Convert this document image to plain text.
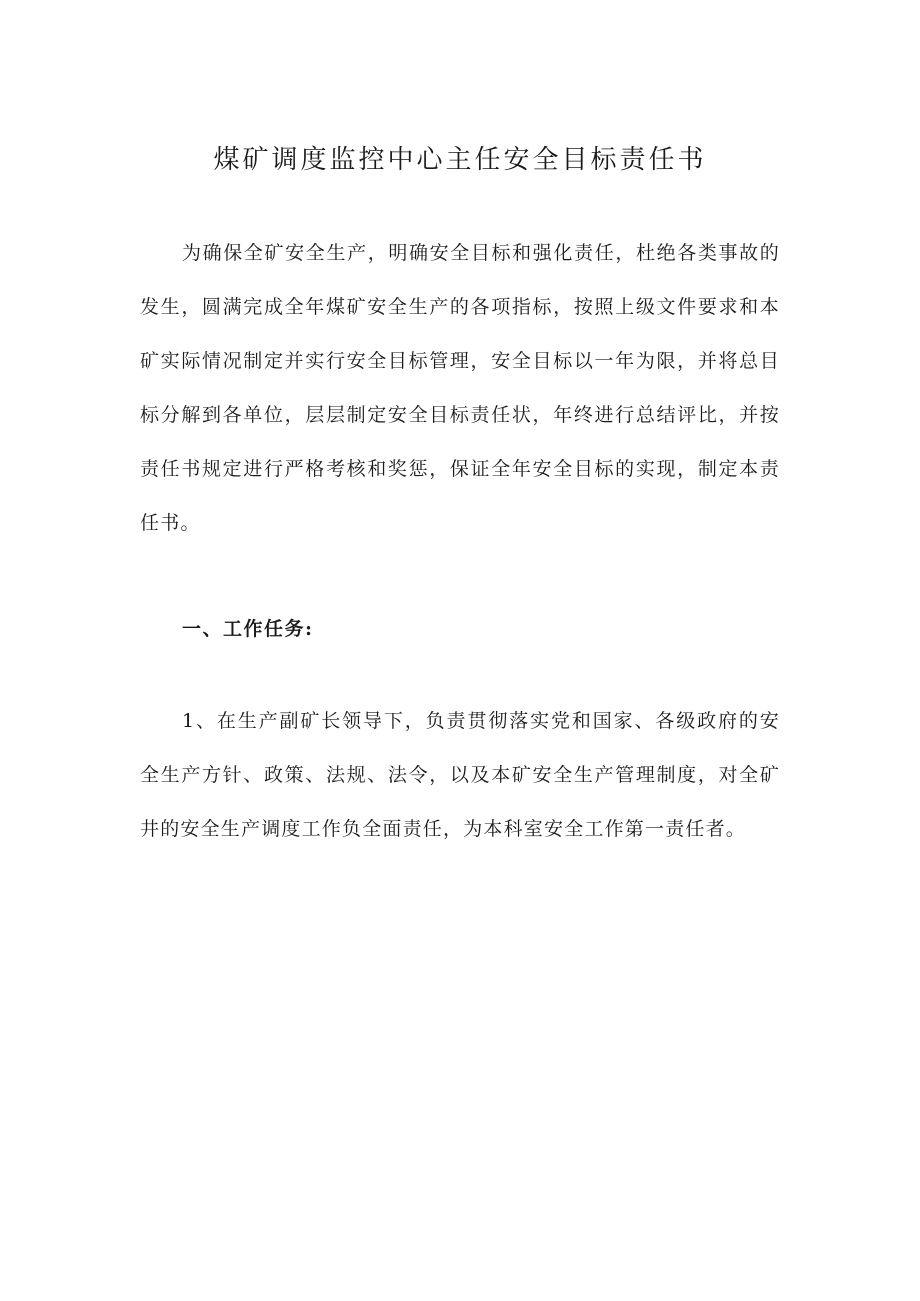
煤矿调度监控中心主任安全目标责任书

为确保全矿安全生产，明确安全目标和强化责任，杜绝各类事故的发生，圆满完成全年煤矿安全生产的各项指标，按照上级文件要求和本矿实际情况制定并实行安全目标管理，安全目标以一年为限，并将总目标分解到各单位，层层制定安全目标责任状，年终进行总结评比，并按责任书规定进行严格考核和奖惩，保证全年安全目标的实现，制定本责任书。

一、工作任务:

1、在生产副矿长领导下，负责贯彻落实党和国家、各级政府的安全生产方针、政策、法规、法令，以及本矿安全生产管理制度，对全矿井的安全生产调度工作负全面责任，为本科室安全工作第一责任者。
